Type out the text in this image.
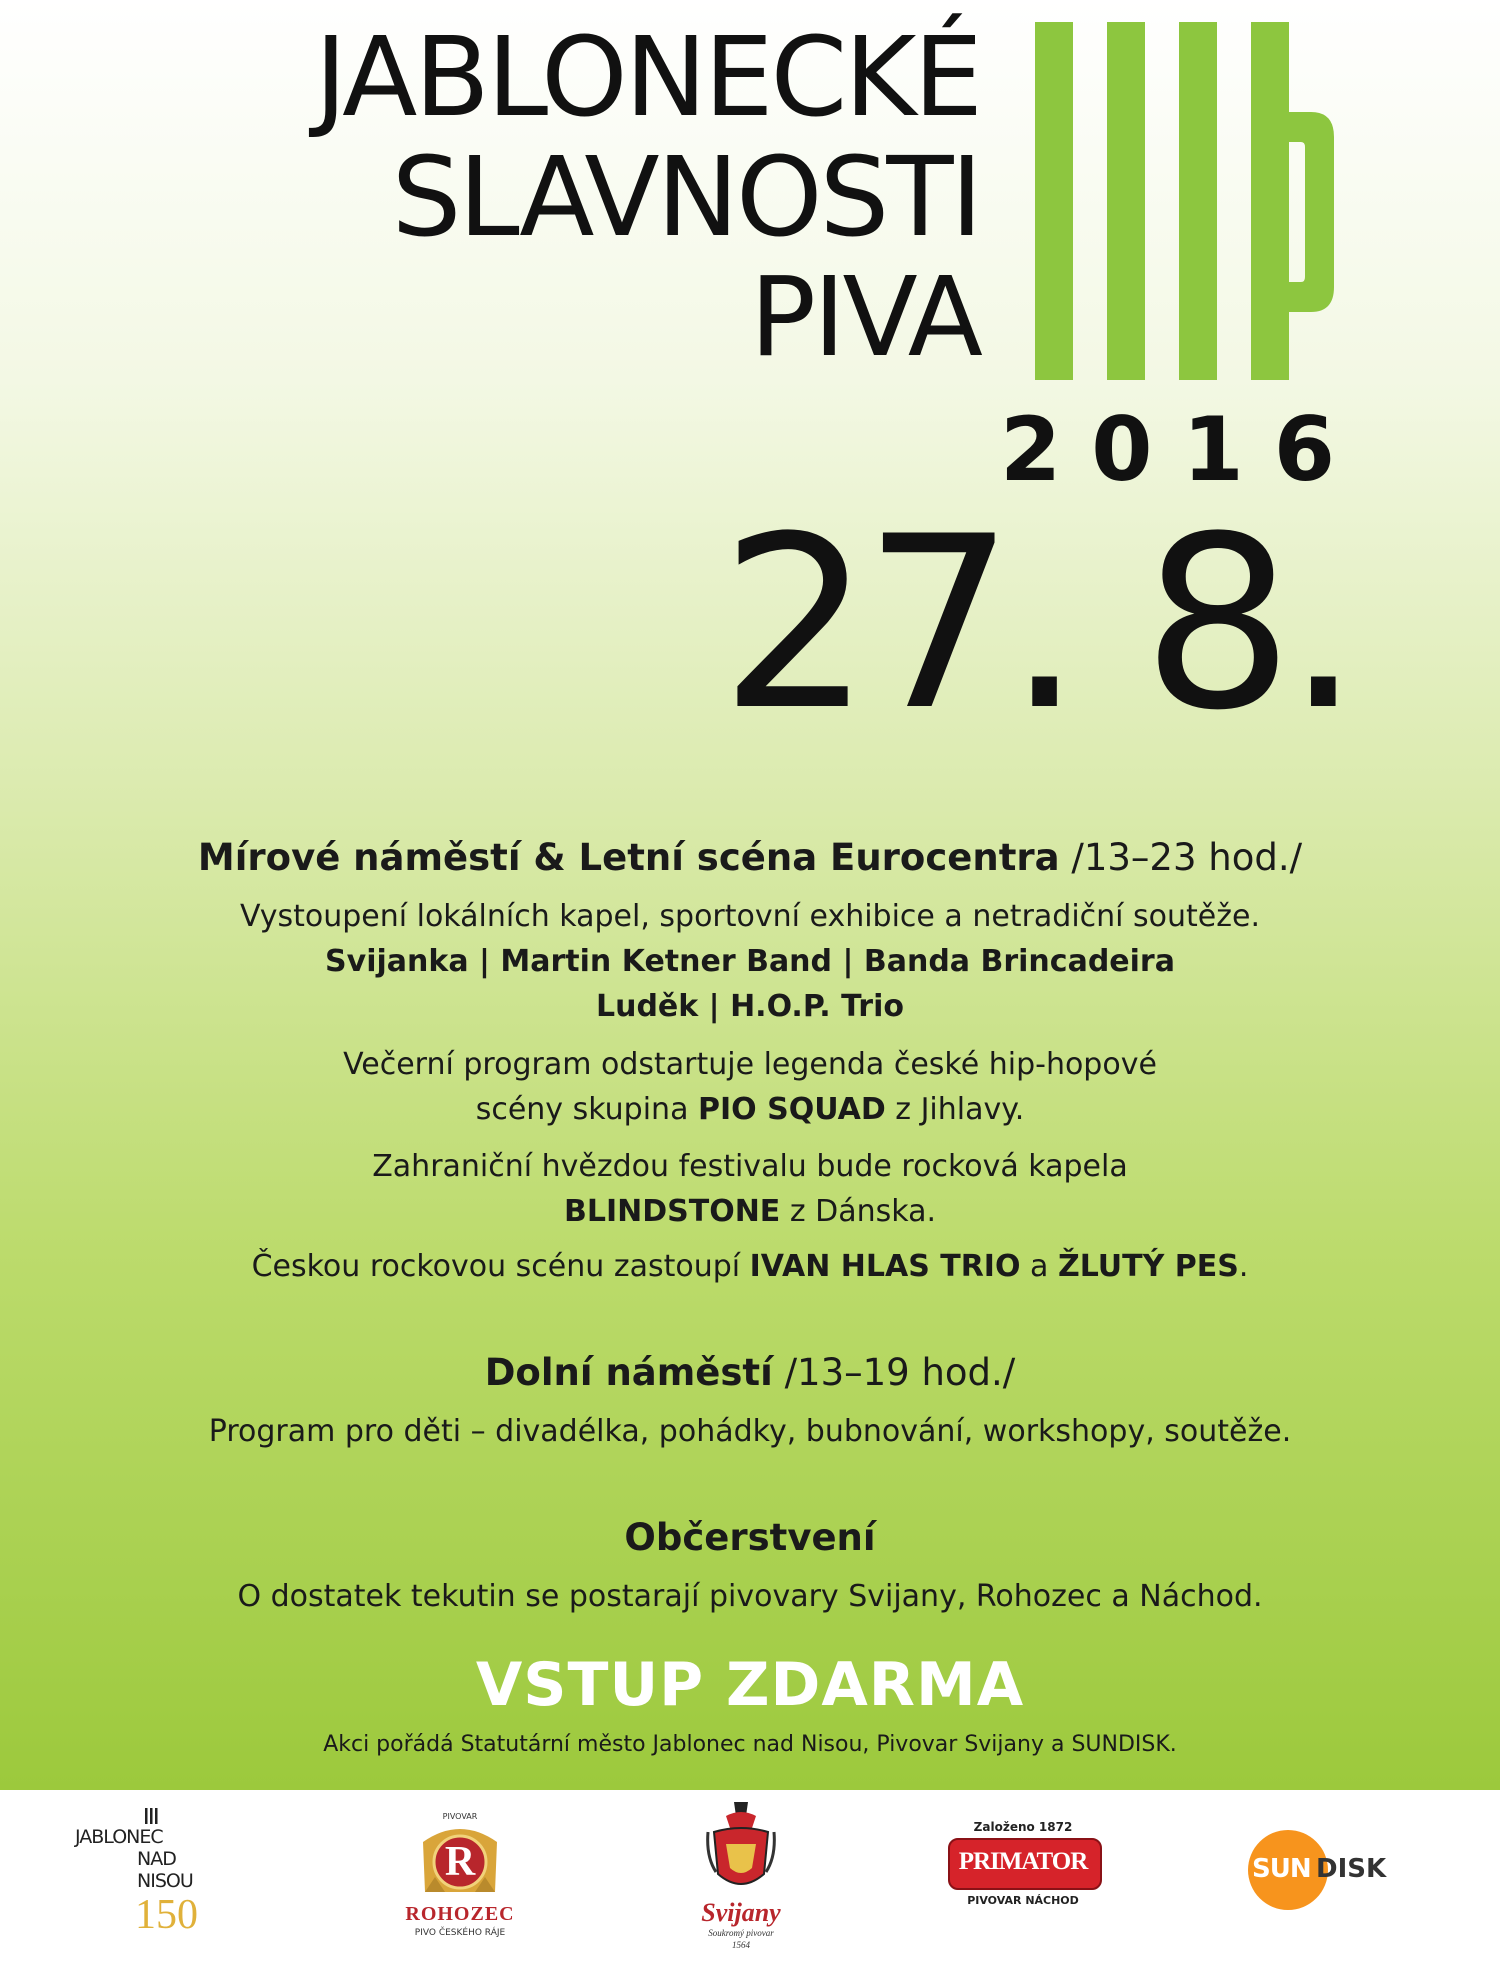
JABLONECKÉ
SLAVNOSTI
PIVA
2016
27. 8.
Mírové náměstí & Letní scéna Eurocentra /13–23 hod./
Vystoupení lokálních kapel, sportovní exhibice a netradiční soutěže.
Svijanka | Martin Ketner Band | Banda Brincadeira
Luděk | H.O.P. Trio
Večerní program odstartuje legenda české hip-hopové
scény skupina PIO SQUAD z Jihlavy.
Zahraniční hvězdou festivalu bude rocková kapela
BLINDSTONE z Dánska.
Českou rockovou scénu zastoupí IVAN HLAS TRIO a ŽLUTÝ PES.
Dolní náměstí /13–19 hod./
Program pro děti – divadélka, pohádky, bubnování, workshopy, soutěže.
Občerstvení
O dostatek tekutin se postarají pivovary Svijany, Rohozec a Náchod.
VSTUP ZDARMA
Akci pořádá Statutární město Jablonec nad Nisou, Pivovar Svijany a SUNDISK.
JABLONEC
NAD
NISOU
150
PIVOVAR
R
ROHOZEC
PIVO ČESKÉHO RÁJE
Svijany
Soukromý pivovar
1564
Založeno 1872
PRIMATOR
PIVOVAR NÁCHOD
SUN DISK
